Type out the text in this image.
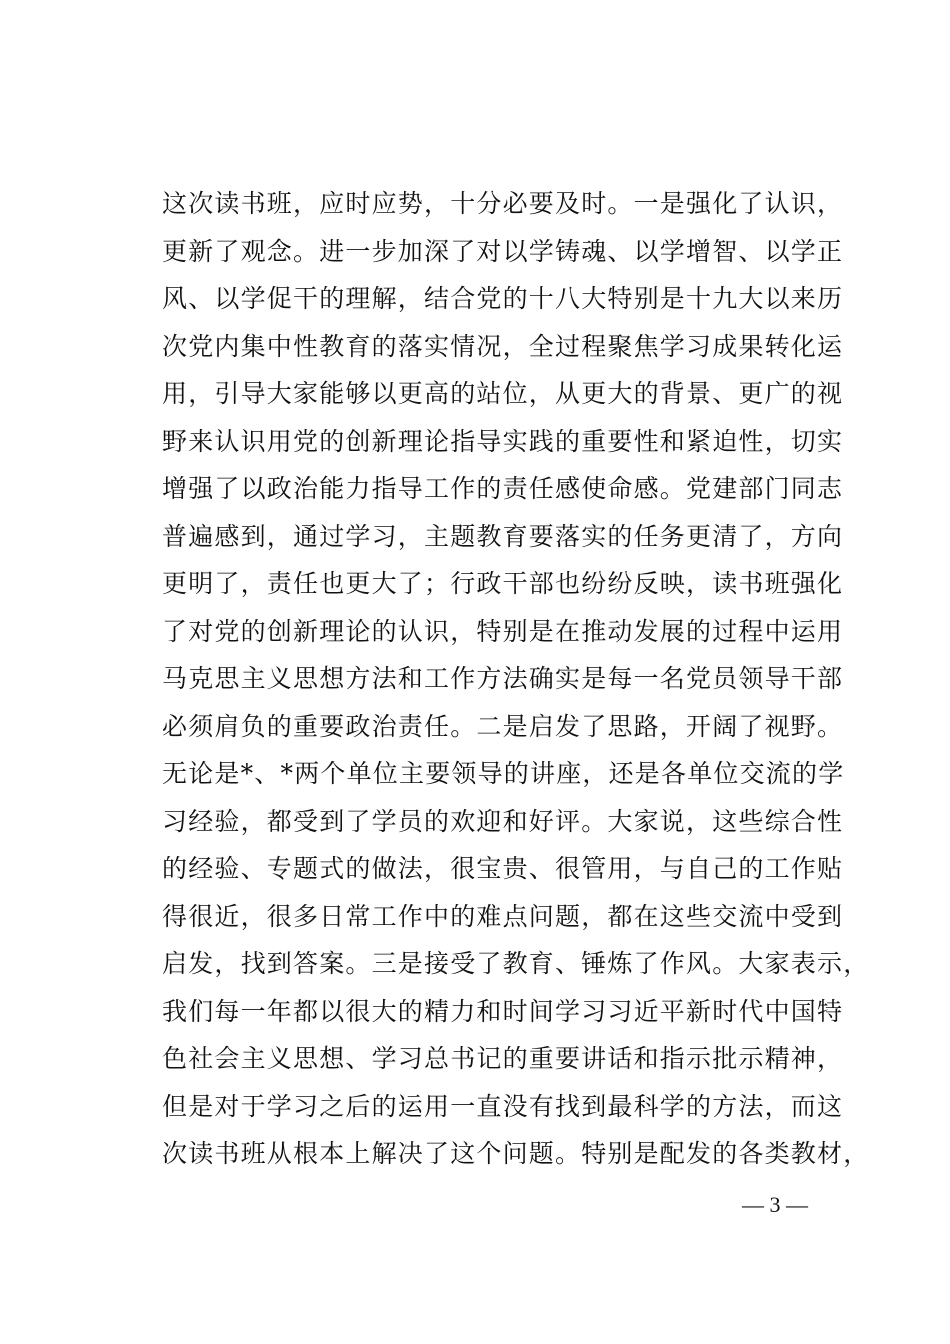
这次读书班，应时应势，十分必要及时。一是强化了认识，
更新了观念。进一步加深了对以学铸魂、以学增智、以学正
风、以学促干的理解，结合党的十八大特别是十九大以来历
次党内集中性教育的落实情况，全过程聚焦学习成果转化运
用，引导大家能够以更高的站位，从更大的背景、更广的视
野来认识用党的创新理论指导实践的重要性和紧迫性，切实
增强了以政治能力指导工作的责任感使命感。党建部门同志
普遍感到，通过学习，主题教育要落实的任务更清了，方向
更明了，责任也更大了；行政干部也纷纷反映，读书班强化
了对党的创新理论的认识，特别是在推动发展的过程中运用
马克思主义思想方法和工作方法确实是每一名党员领导干部
必须肩负的重要政治责任。二是启发了思路，开阔了视野。
无论是*、*两个单位主要领导的讲座，还是各单位交流的学
习经验，都受到了学员的欢迎和好评。大家说，这些综合性
的经验、专题式的做法，很宝贵、很管用，与自己的工作贴
得很近，很多日常工作中的难点问题，都在这些交流中受到
启发，找到答案。三是接受了教育、锤炼了作风。大家表示，
我们每一年都以很大的精力和时间学习习近平新时代中国特
色社会主义思想、学习总书记的重要讲话和指示批示精神，
但是对于学习之后的运用一直没有找到最科学的方法，而这
次读书班从根本上解决了这个问题。特别是配发的各类教材，
— 3 —
